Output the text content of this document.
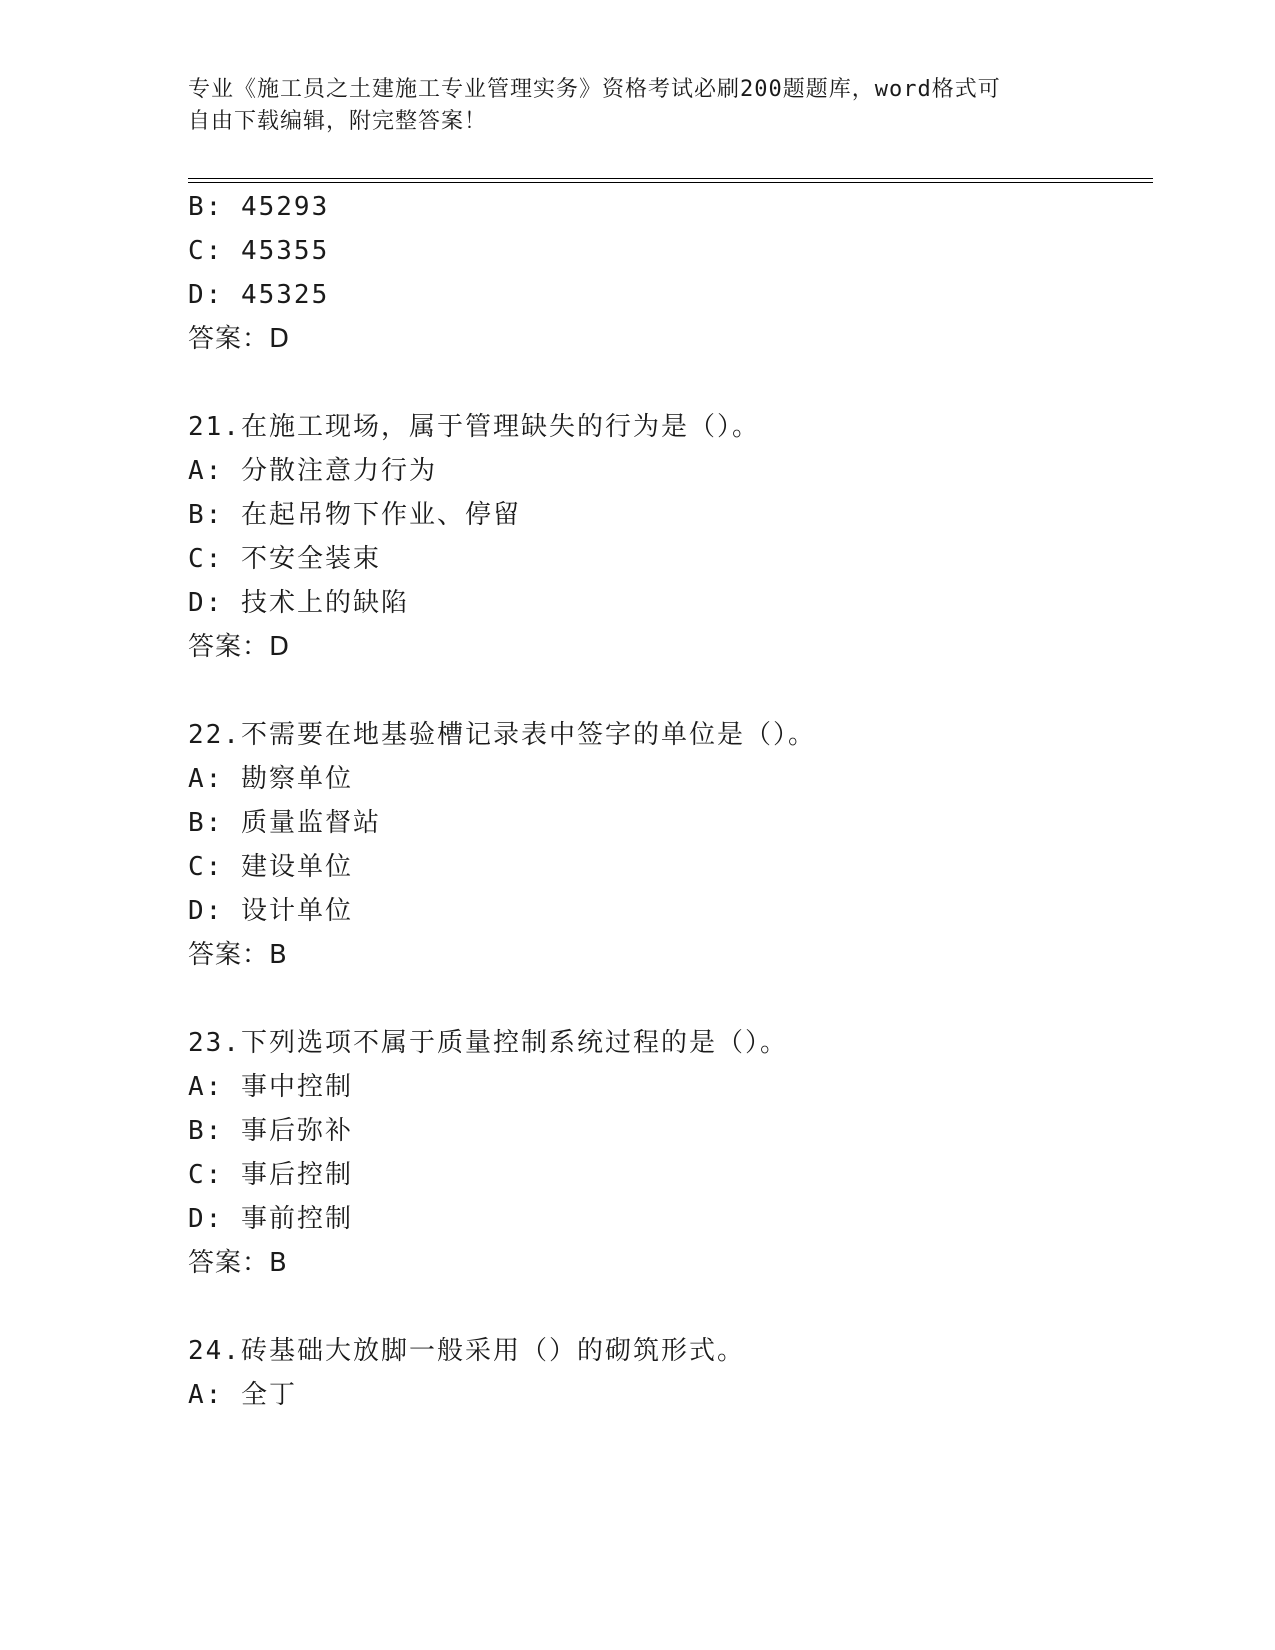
专业《施工员之土建施工专业管理实务》资格考试必刷200题题库，word格式可
自由下载编辑，附完整答案！
B: 45293
C: 45355
D: 45325
答案：D
21.在施工现场，属于管理缺失的行为是（）。
A: 分散注意力行为
B: 在起吊物下作业、停留
C: 不安全装束
D: 技术上的缺陷
答案：D
22.不需要在地基验槽记录表中签字的单位是（）。
A: 勘察单位
B: 质量监督站
C: 建设单位
D: 设计单位
答案：B
23.下列选项不属于质量控制系统过程的是（）。
A: 事中控制
B: 事后弥补
C: 事后控制
D: 事前控制
答案：B
24.砖基础大放脚一般采用（）的砌筑形式。
A: 全丁
